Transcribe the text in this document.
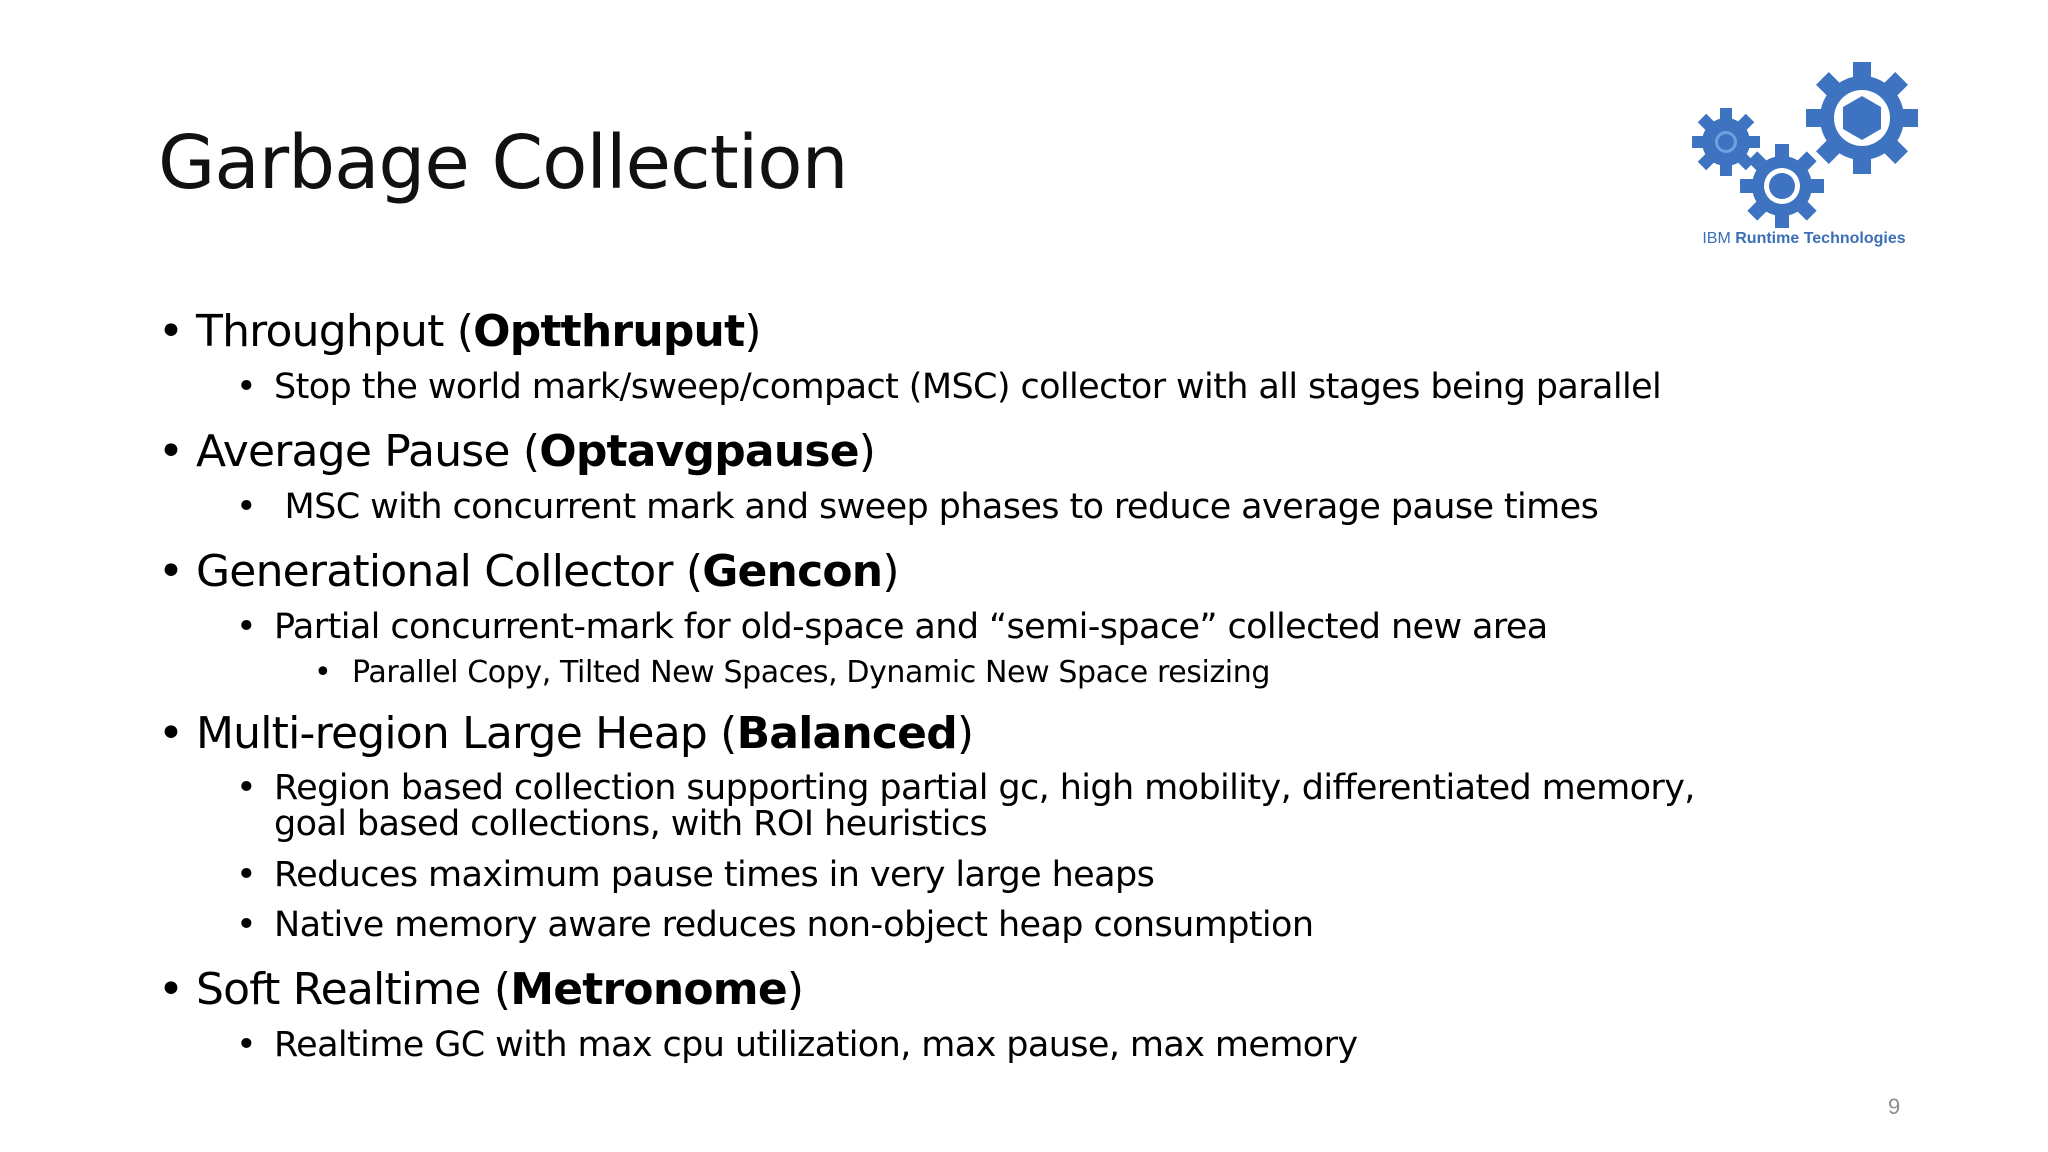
Garbage Collection
IBM Runtime Technologies
• Throughput (Optthruput)
• Stop the world mark/sweep/compact (MSC) collector with all stages being parallel
• Average Pause (Optavgpause)
• MSC with concurrent mark and sweep phases to reduce average pause times
• Generational Collector (Gencon)
• Partial concurrent-mark for old-space and “semi-space” collected new area
• Parallel Copy, Tilted New Spaces, Dynamic New Space resizing
• Multi-region Large Heap (Balanced)
• Region based collection supporting partial gc, high mobility, differentiated memory, goal based collections, with ROI heuristics
• Reduces maximum pause times in very large heaps
• Native memory aware reduces non-object heap consumption
• Soft Realtime (Metronome)
• Realtime GC with max cpu utilization, max pause, max memory
9
